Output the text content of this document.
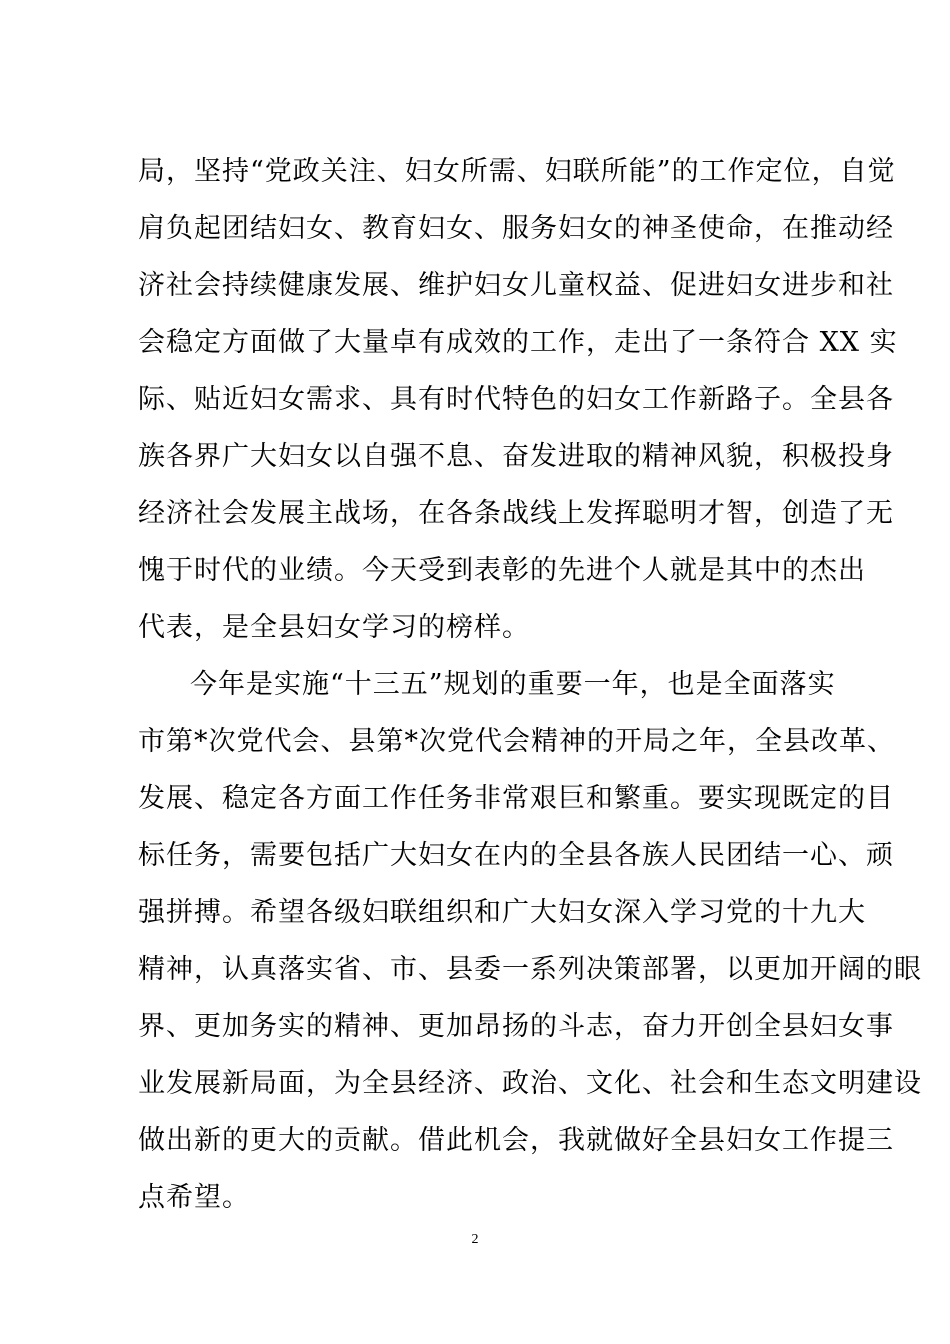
局，坚持“党政关注、妇女所需、妇联所能”的工作定位，自觉
肩负起团结妇女、教育妇女、服务妇女的神圣使命，在推动经
济社会持续健康发展、维护妇女儿童权益、促进妇女进步和社
会稳定方面做了大量卓有成效的工作，走出了一条符合 XX 实
际、贴近妇女需求、具有时代特色的妇女工作新路子。全县各
族各界广大妇女以自强不息、奋发进取的精神风貌，积极投身
经济社会发展主战场，在各条战线上发挥聪明才智，创造了无
愧于时代的业绩。今天受到表彰的先进个人就是其中的杰出
代表，是全县妇女学习的榜样。
今年是实施“十三五”规划的重要一年，也是全面落实
市第*次党代会、县第*次党代会精神的开局之年，全县改革、
发展、稳定各方面工作任务非常艰巨和繁重。要实现既定的目
标任务，需要包括广大妇女在内的全县各族人民团结一心、顽
强拼搏。希望各级妇联组织和广大妇女深入学习党的十九大
精神，认真落实省、市、县委一系列决策部署，以更加开阔的眼
界、更加务实的精神、更加昂扬的斗志，奋力开创全县妇女事
业发展新局面，为全县经济、政治、文化、社会和生态文明建设
做出新的更大的贡献。借此机会，我就做好全县妇女工作提三
点希望。
2
